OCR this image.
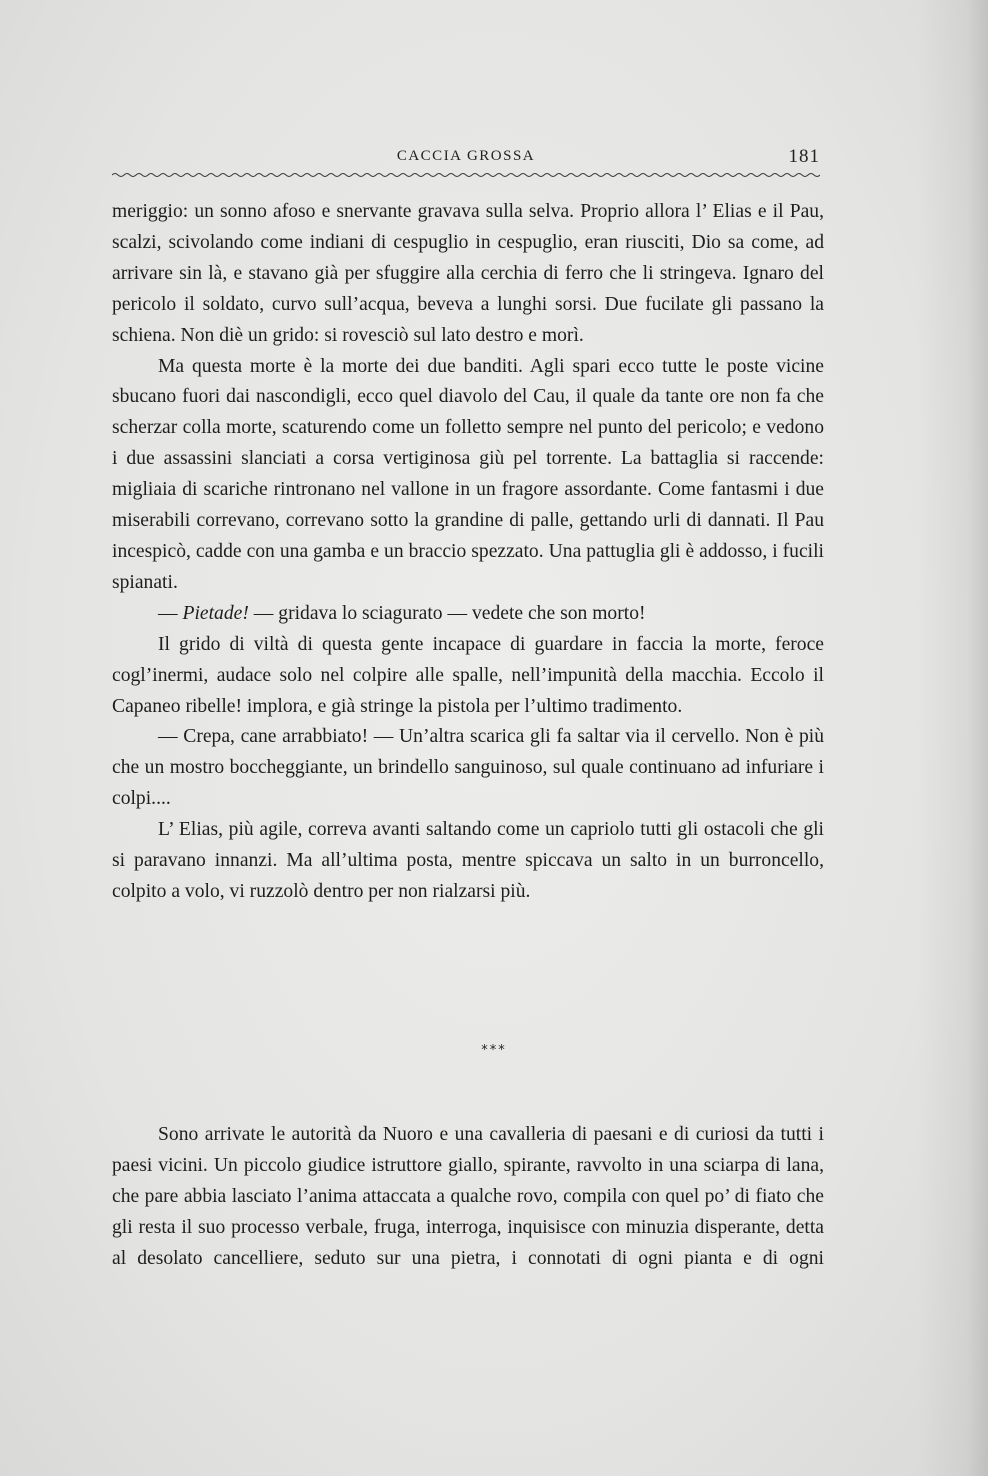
CACCIA GROSSA	181

meriggio: un sonno afoso e snervante gravava sulla selva. Proprio allora l’ Elias e il Pau, scalzi, scivolando come indiani di cespuglio in cespuglio, eran riusciti, Dio sa come, ad arrivare sin là, e stavano già per sfuggire alla cerchia di ferro che li stringeva. Ignaro del pericolo il soldato, curvo sull’acqua, beveva a lunghi sorsi. Due fucilate gli passano la schiena. Non diè un grido: si rovesciò sul lato destro e morì.

Ma questa morte è la morte dei due banditi. Agli spari ecco tutte le poste vicine sbucano fuori dai nascondigli, ecco quel diavolo del Cau, il quale da tante ore non fa che scherzar colla morte, scaturendo come un folletto sempre nel punto del pericolo; e vedono i due assassini slanciati a corsa vertiginosa giù pel torrente. La battaglia si raccende: migliaia di scariche rintronano nel vallone in un fragore assordante. Come fantasmi i due miserabili correvano, correvano sotto la grandine di palle, gettando urli di dannati. Il Pau incespicò, cadde con una gamba e un braccio spezzato. Una pattuglia gli è addosso, i fucili spianati.

— Pietade! — gridava lo sciagurato — vedete che son morto!

Il grido di viltà di questa gente incapace di guardare in faccia la morte, feroce cogl’inermi, audace solo nel colpire alle spalle, nell’impunità della macchia. Eccolo il Capaneo ribelle! implora, e già stringe la pistola per l’ultimo tradimento.

— Crepa, cane arrabbiato! — Un’altra scarica gli fa saltar via il cervello. Non è più che un mostro boccheggiante, un brindello sanguinoso, sul quale continuano ad infuriare i colpi....

L’ Elias, più agile, correva avanti saltando come un capriolo tutti gli ostacoli che gli si paravano innanzi. Ma all’ultima posta, mentre spiccava un salto in un burroncello, colpito a volo, vi ruzzolò dentro per non rialzarsi più.

***

Sono arrivate le autorità da Nuoro e una cavalleria di paesani e di curiosi da tutti i paesi vicini. Un piccolo giudice istruttore giallo, spirante, ravvolto in una sciarpa di lana, che pare abbia lasciato l’anima attaccata a qualche rovo, compila con quel po’ di fiato che gli resta il suo processo verbale, fruga, interroga, inquisisce con minuzia disperante, detta al desolato cancelliere, seduto sur una pietra, i connotati di ogni pianta e di ogni
